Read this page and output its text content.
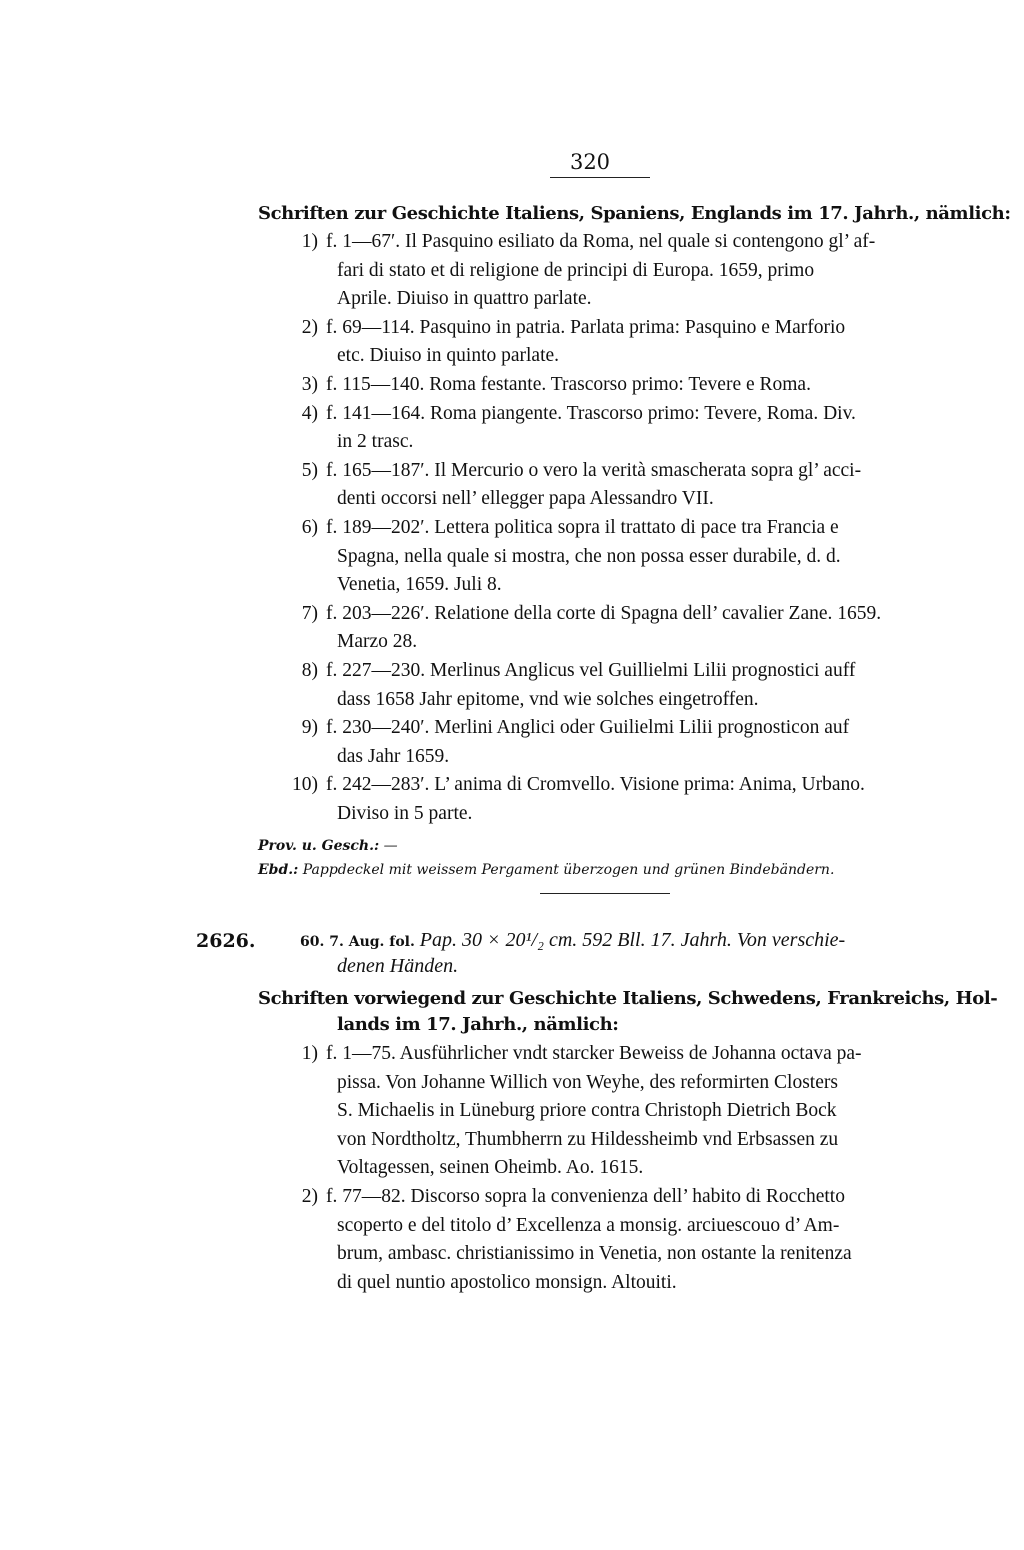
320
Schriften zur Geschichte Italiens, Spaniens, Englands im 17. Jahrh., nämlich:
1) f. 1—67′. Il Pasquino esiliato da Roma, nel quale si contengono gl’ af-
fari di stato et di religione de principi di Europa. 1659, primo
Aprile. Diuiso in quattro parlate.
2) f. 69—114. Pasquino in patria. Parlata prima: Pasquino e Marforio
etc. Diuiso in quinto parlate.
3) f. 115—140. Roma festante. Trascorso primo: Tevere e Roma.
4) f. 141—164. Roma piangente. Trascorso primo: Tevere, Roma. Div.
in 2 trasc.
5) f. 165—187′. Il Mercurio o vero la verità smascherata sopra gl’ acci-
denti occorsi nell’ ellegger papa Alessandro VII.
6) f. 189—202′. Lettera politica sopra il trattato di pace tra Francia e
Spagna, nella quale si mostra, che non possa esser durabile, d. d.
Venetia, 1659. Juli 8.
7) f. 203—226′. Relatione della corte di Spagna dell’ cavalier Zane. 1659.
Marzo 28.
8) f. 227—230. Merlinus Anglicus vel Guillielmi Lilii prognostici auff
dass 1658 Jahr epitome, vnd wie solches eingetroffen.
9) f. 230—240′. Merlini Anglici oder Guilielmi Lilii prognosticon auf
das Jahr 1659.
10) f. 242—283′. L’ anima di Cromvello. Visione prima: Anima, Urbano.
Diviso in 5 parte.
Prov. u. Gesch.: —
Ebd.: Pappdeckel mit weissem Pergament überzogen und grünen Bindebändern.
2626.	60. 7. Aug. fol. Pap. 30 × 20¹/₂ cm. 592 Bll. 17. Jahrh. Von verschie-
denen Händen.
Schriften vorwiegend zur Geschichte Italiens, Schwedens, Frankreichs, Hol-
lands im 17. Jahrh., nämlich:
1) f. 1—75. Ausführlicher vndt starcker Beweiss de Johanna octava pa-
pissa. Von Johanne Willich von Weyhe, des reformirten Closters
S. Michaelis in Lüneburg priore contra Christoph Dietrich Bock
von Nordtholtz, Thumbherrn zu Hildessheimb vnd Erbsassen zu
Voltagessen, seinen Oheimb. Ao. 1615.
2) f. 77—82. Discorso sopra la convenienza dell’ habito di Rocchetto
scoperto e del titolo d’ Excellenza a monsig. arciuescouo d’ Am-
brum, ambasc. christianissimo in Venetia, non ostante la renitenza
di quel nuntio apostolico monsign. Altouiti.
